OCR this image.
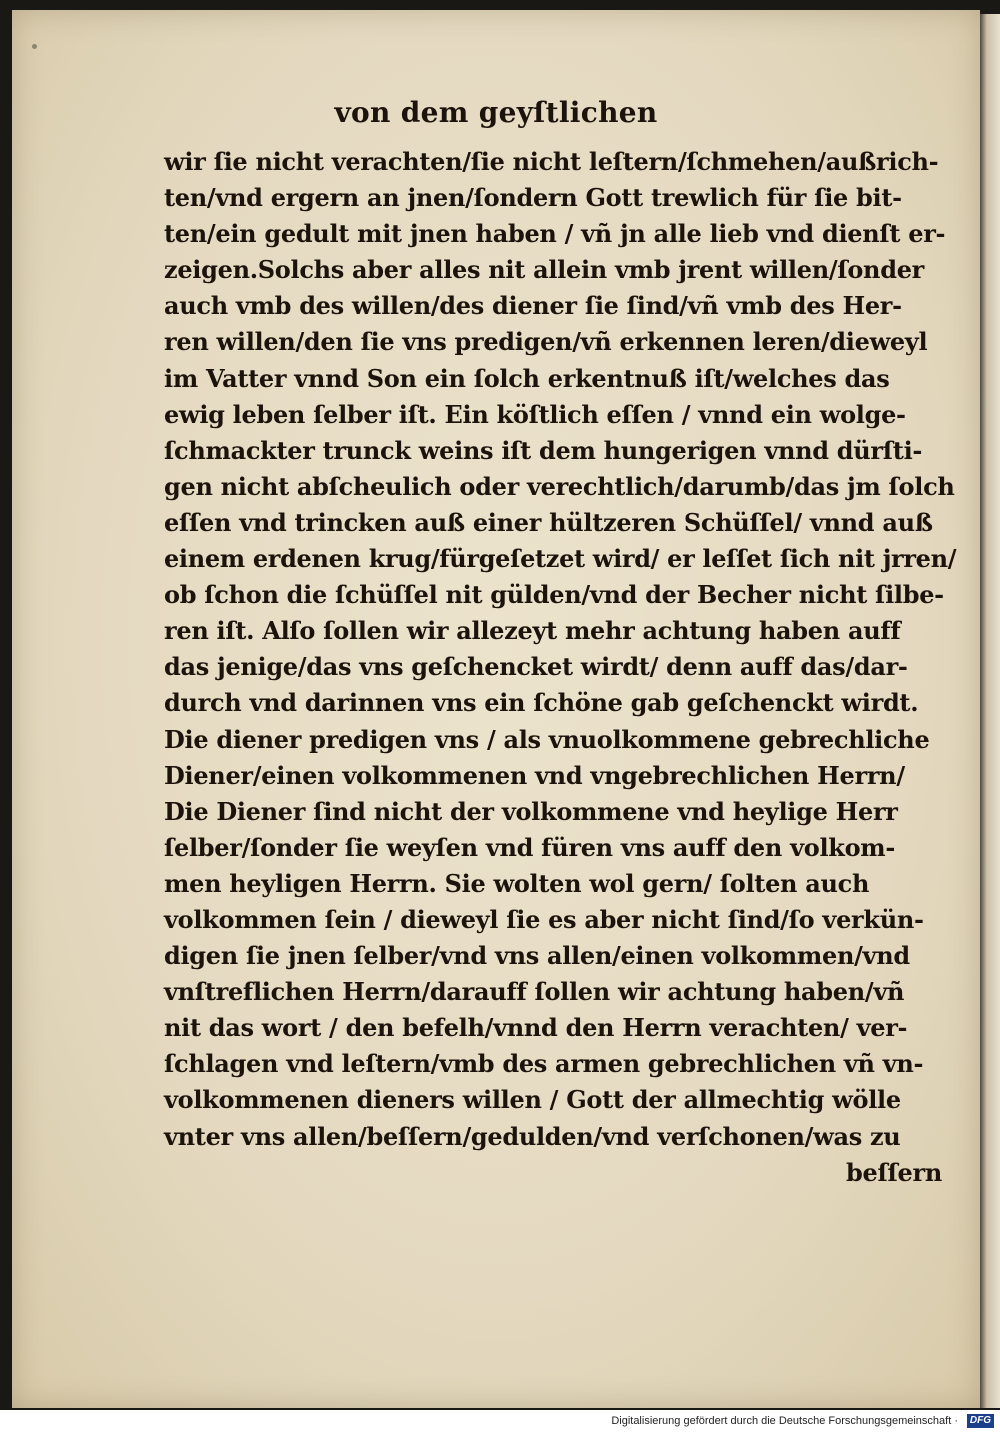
von dem geyſtlichen
wir ſie nicht verachten/ſie nicht leſtern/ſchmehen/außrich-
ten/vnd ergern an jnen/ſondern Gott trewlich für ſie bit-
ten/ein gedult mit jnen haben / vñ jn alle lieb vnd dienſt er-
zeigen.Solchs aber alles nit allein vmb jrent willen/ſonder
auch vmb des willen/des diener ſie ſind/vñ vmb des Her-
ren willen/den ſie vns predigen/vñ erkennen leren/dieweyl
im Vatter vnnd Son ein ſolch erkentnuß iſt/welches das
ewig leben ſelber iſt. Ein köſtlich eſſen / vnnd ein wolge-
ſchmackter trunck weins iſt dem hungerigen vnnd dürſti-
gen nicht abſcheulich oder verechtlich/darumb/das jm ſolch
eſſen vnd trincken auß einer hültzeren Schüſſel/ vnnd auß
einem erdenen krug/fürgeſetzet wird/ er leſſet ſich nit jrren/
ob ſchon die ſchüſſel nit gülden/vnd der Becher nicht ſilbe-
ren iſt. Alſo ſollen wir allezeyt mehr achtung haben auff
das jenige/das vns geſchencket wirdt/ denn auff das/dar-
durch vnd darinnen vns ein ſchöne gab geſchenckt wirdt.
Die diener predigen vns / als vnuolkommene gebrechliche
Diener/einen volkommenen vnd vngebrechlichen Herrn/
Die Diener ſind nicht der volkommene vnd heylige Herr
ſelber/ſonder ſie weyſen vnd füren vns auff den volkom-
men heyligen Herrn. Sie wolten wol gern/ ſolten auch
volkommen ſein / dieweyl ſie es aber nicht ſind/ſo verkün-
digen ſie jnen ſelber/vnd vns allen/einen volkommen/vnd
vnſtreflichen Herrn/darauff ſollen wir achtung haben/vñ
nit das wort / den befelh/vnnd den Herrn verachten/ ver-
ſchlagen vnd leſtern/vmb des armen gebrechlichen vñ vn-
volkommenen dieners willen / Gott der allmechtig wölle
vnter vns allen/beſſern/gedulden/vnd verſchonen/was zu
beſſern
Digitalisierung gefördert durch die Deutsche Forschungsgemeinschaft ·	DFG
